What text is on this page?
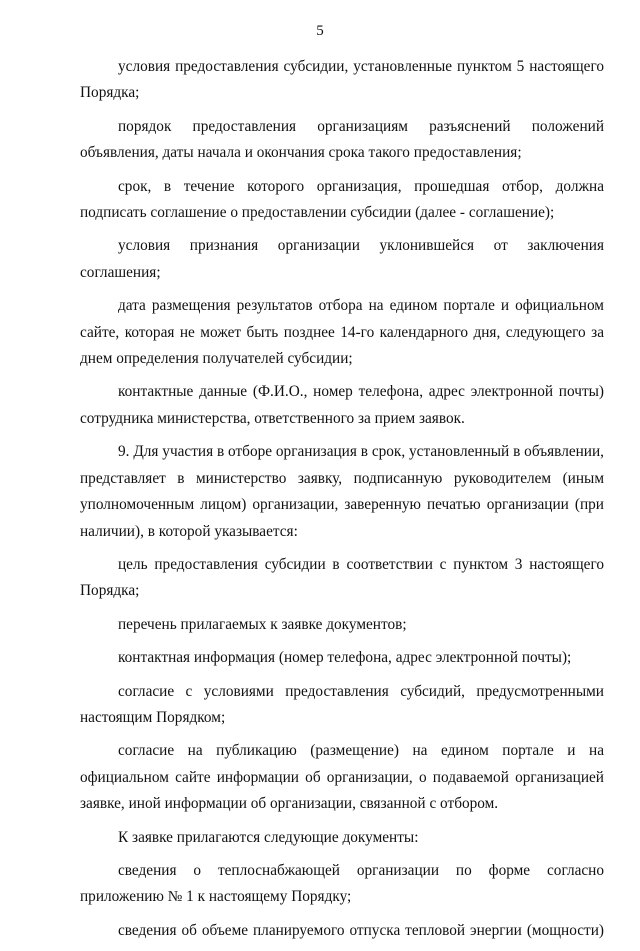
5

условия предоставления субсидии, установленные пунктом 5 настоящего Порядка;

порядок предоставления организациям разъяснений положений объявления, даты начала и окончания срока такого предоставления;

срок, в течение которого организация, прошедшая отбор, должна подписать соглашение о предоставлении субсидии (далее - соглашение);

условия признания организации уклонившейся от заключения соглашения;

дата размещения результатов отбора на едином портале и официальном сайте, которая не может быть позднее 14-го календарного дня, следующего за днем определения получателей субсидии;

контактные данные (Ф.И.О., номер телефона, адрес электронной почты) сотрудника министерства, ответственного за прием заявок.

9. Для участия в отборе организация в срок, установленный в объявлении, представляет в министерство заявку, подписанную руководителем (иным уполномоченным лицом) организации, заверенную печатью организации (при наличии), в которой указывается:

цель предоставления субсидии в соответствии с пунктом 3 настоящего Порядка;

перечень прилагаемых к заявке документов;

контактная информация (номер телефона, адрес электронной почты);

согласие с условиями предоставления субсидий, предусмотренными настоящим Порядком;

согласие на публикацию (размещение) на едином портале и на официальном сайте информации об организации, о подаваемой организацией заявке, иной информации об организации, связанной с отбором.

К заявке прилагаются следующие документы:

сведения о теплоснабжающей организации по форме согласно приложению № 1 к настоящему Порядку;

сведения об объеме планируемого отпуска тепловой энергии (мощности)
